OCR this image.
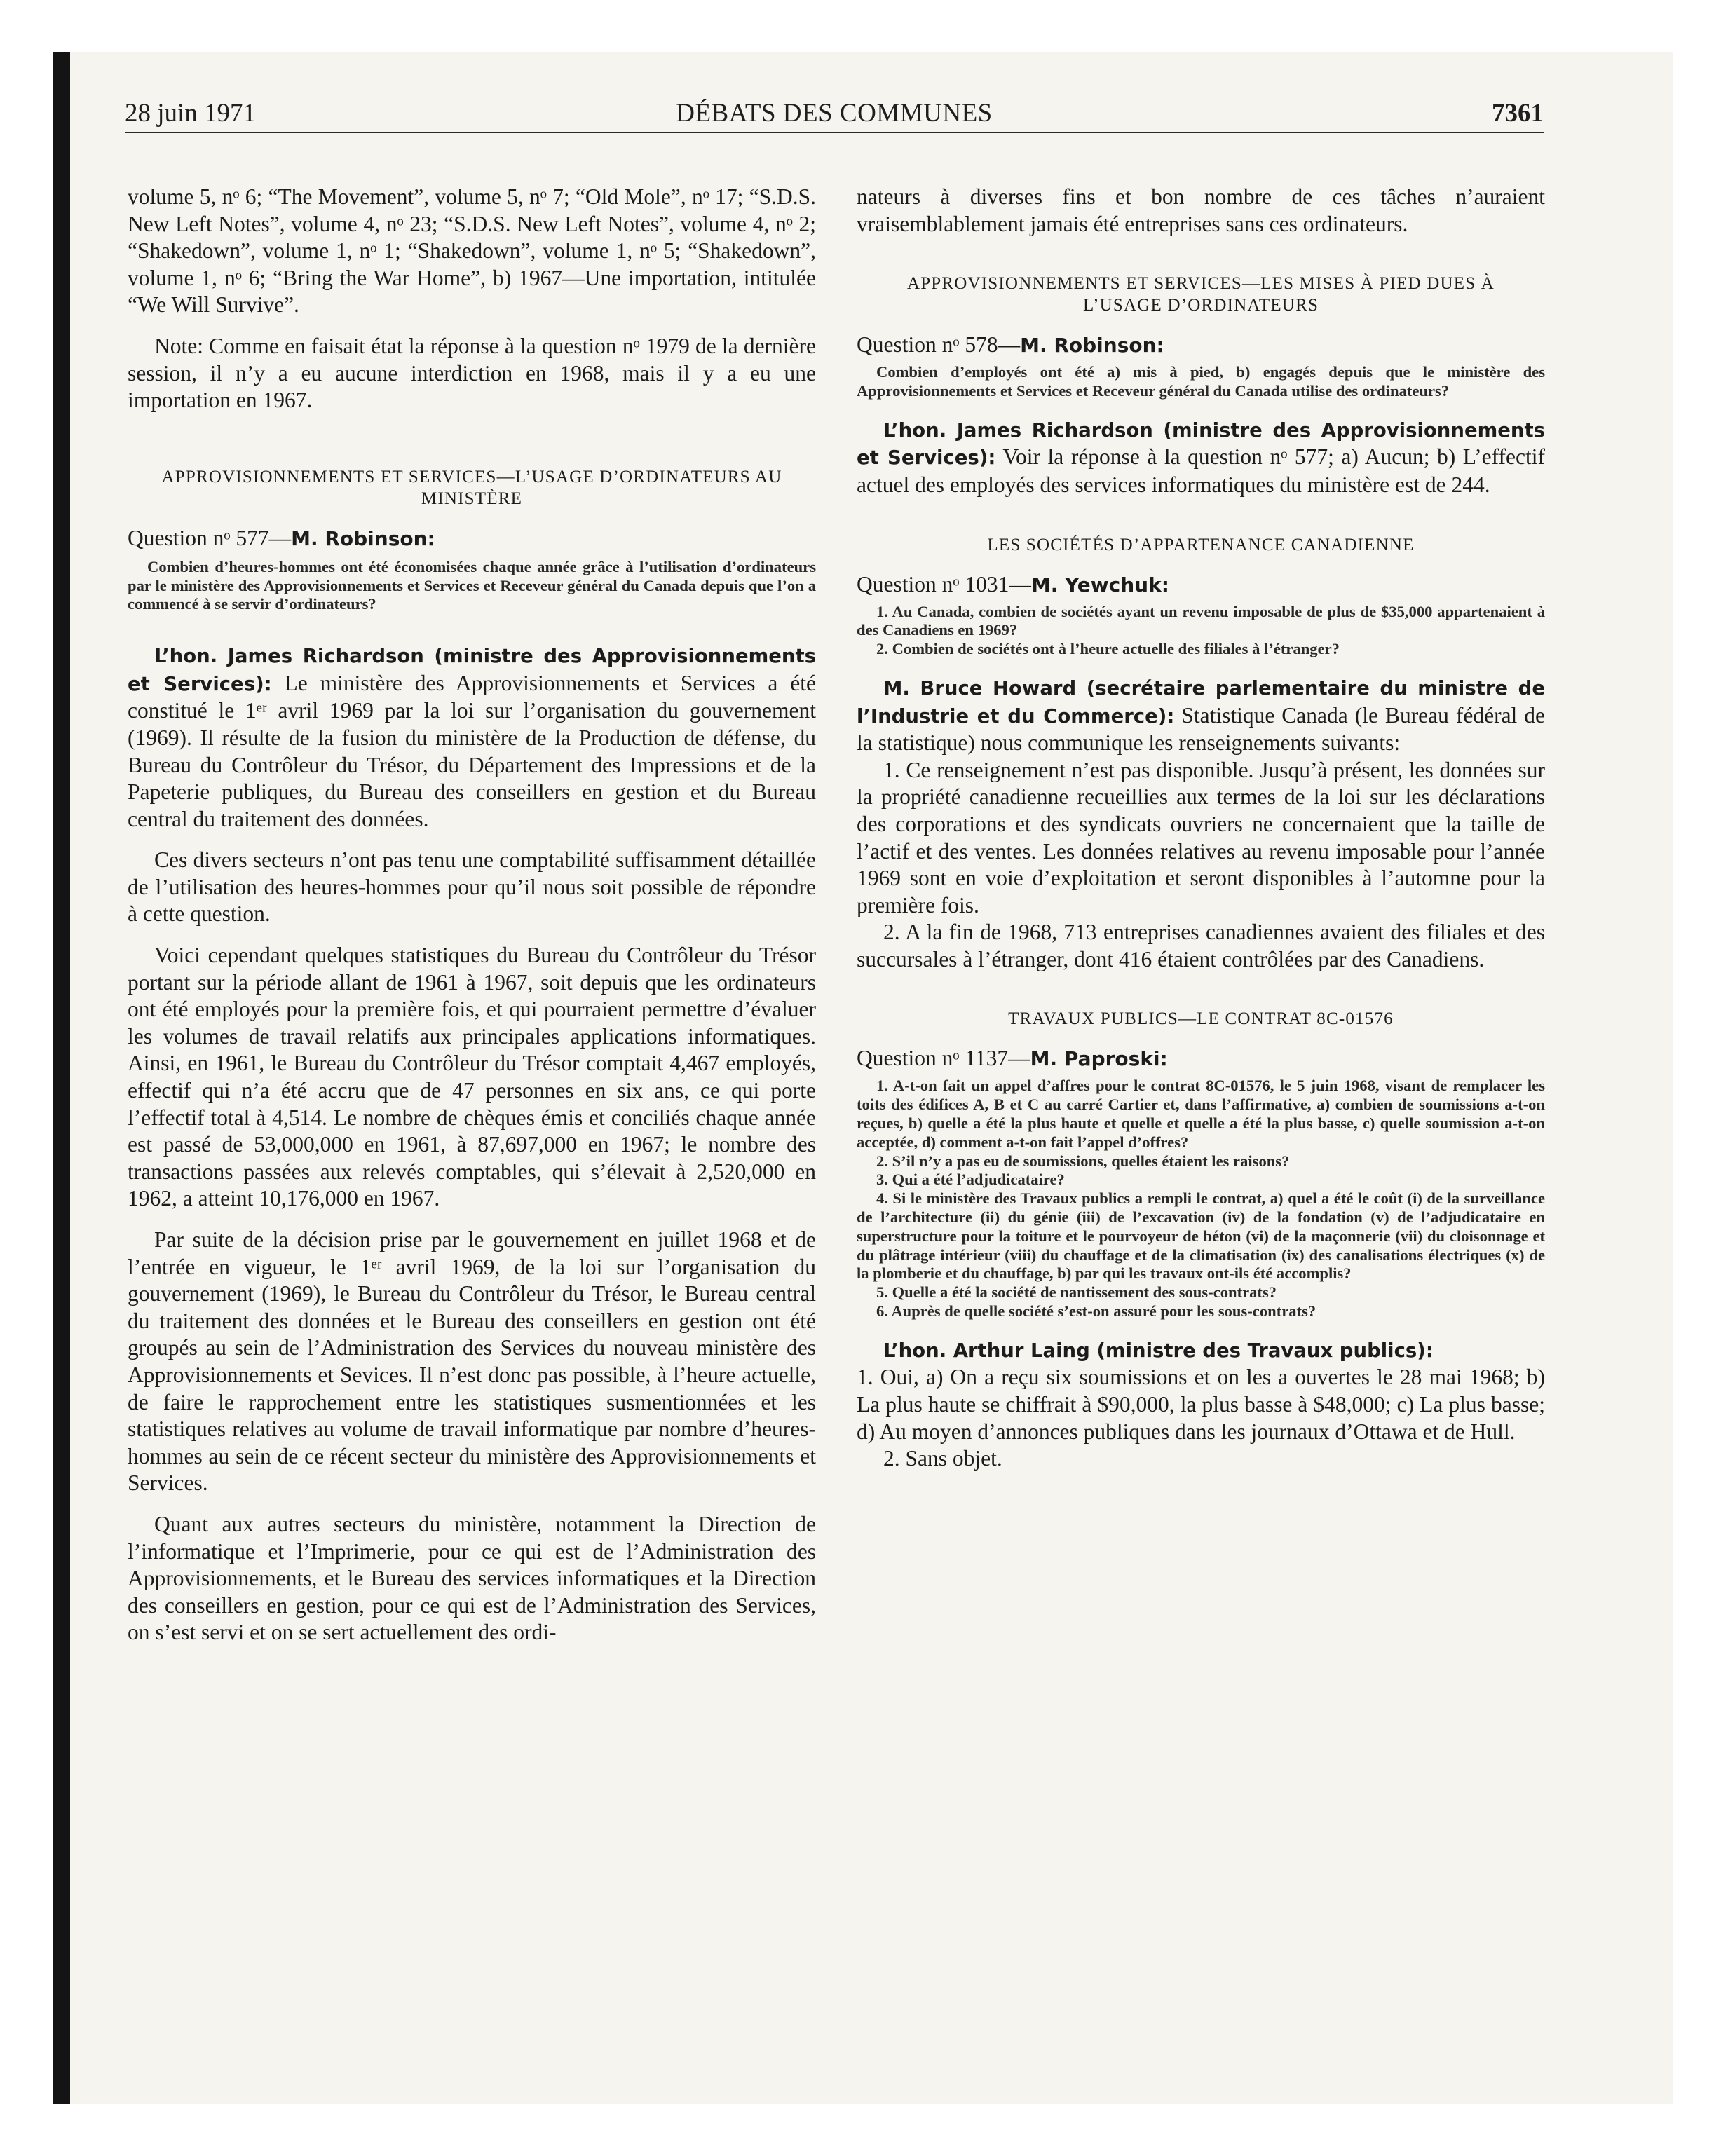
28 juin 1971	DÉBATS DES COMMUNES	7361

volume 5, nᵒ 6; “The Movement”, volume 5, nᵒ 7; “Old Mole”, nᵒ 17; “S.D.S. New Left Notes”, volume 4, nᵒ 23; “S.D.S. New Left Notes”, volume 4, nᵒ 2; “Shakedown”, volume 1, nᵒ 1; “Shakedown”, volume 1, nᵒ 5; “Shakedown”, volume 1, nᵒ 6; “Bring the War Home”, b) 1967—Une importation, intitulée “We Will Survive”.

Note: Comme en faisait état la réponse à la question nᵒ 1979 de la dernière session, il n’y a eu aucune interdiction en 1968, mais il y a eu une importation en 1967.

APPROVISIONNEMENTS ET SERVICES—L’USAGE D’ORDINATEURS AU MINISTÈRE

Question nᵒ 577—M. Robinson:

Combien d’heures-hommes ont été économisées chaque année grâce à l’utilisation d’ordinateurs par le ministère des Approvisionnements et Services et Receveur général du Canada depuis que l’on a commencé à se servir d’ordinateurs?

L’hon. James Richardson (ministre des Approvisionnements et Services): Le ministère des Approvisionnements et Services a été constitué le 1ᵉʳ avril 1969 par la loi sur l’organisation du gouvernement (1969). Il résulte de la fusion du ministère de la Production de défense, du Bureau du Contrôleur du Trésor, du Département des Impressions et de la Papeterie publiques, du Bureau des conseillers en gestion et du Bureau central du traitement des données.

Ces divers secteurs n’ont pas tenu une comptabilité suffisamment détaillée de l’utilisation des heures-hommes pour qu’il nous soit possible de répondre à cette question.

Voici cependant quelques statistiques du Bureau du Contrôleur du Trésor portant sur la période allant de 1961 à 1967, soit depuis que les ordinateurs ont été employés pour la première fois, et qui pourraient permettre d’évaluer les volumes de travail relatifs aux principales applications informatiques. Ainsi, en 1961, le Bureau du Contrôleur du Trésor comptait 4,467 employés, effectif qui n’a été accru que de 47 personnes en six ans, ce qui porte l’effectif total à 4,514. Le nombre de chèques émis et conciliés chaque année est passé de 53,000,000 en 1961, à 87,697,000 en 1967; le nombre des transactions passées aux relevés comptables, qui s’élevait à 2,520,000 en 1962, a atteint 10,176,000 en 1967.

Par suite de la décision prise par le gouvernement en juillet 1968 et de l’entrée en vigueur, le 1ᵉʳ avril 1969, de la loi sur l’organisation du gouvernement (1969), le Bureau du Contrôleur du Trésor, le Bureau central du traitement des données et le Bureau des conseillers en gestion ont été groupés au sein de l’Administration des Services du nouveau ministère des Approvisionnements et Sevices. Il n’est donc pas possible, à l’heure actuelle, de faire le rapprochement entre les statistiques susmentionnées et les statistiques relatives au volume de travail informatique par nombre d’heures-hommes au sein de ce récent secteur du ministère des Approvisionnements et Services.

Quant aux autres secteurs du ministère, notamment la Direction de l’informatique et l’Imprimerie, pour ce qui est de l’Administration des Approvisionnements, et le Bureau des services informatiques et la Direction des conseillers en gestion, pour ce qui est de l’Administration des Services, on s’est servi et on se sert actuellement des ordi-

nateurs à diverses fins et bon nombre de ces tâches n’auraient vraisemblablement jamais été entreprises sans ces ordinateurs.

APPROVISIONNEMENTS ET SERVICES—LES MISES À PIED DUES À L’USAGE D’ORDINATEURS

Question nᵒ 578—M. Robinson:

Combien d’employés ont été a) mis à pied, b) engagés depuis que le ministère des Approvisionnements et Services et Receveur général du Canada utilise des ordinateurs?

L’hon. James Richardson (ministre des Approvisionnements et Services): Voir la réponse à la question nᵒ 577; a) Aucun; b) L’effectif actuel des employés des services informatiques du ministère est de 244.

LES SOCIÉTÉS D’APPARTENANCE CANADIENNE

Question nᵒ 1031—M. Yewchuk:

1. Au Canada, combien de sociétés ayant un revenu imposable de plus de $35,000 appartenaient à des Canadiens en 1969?

2. Combien de sociétés ont à l’heure actuelle des filiales à l’étranger?

M. Bruce Howard (secrétaire parlementaire du ministre de l’Industrie et du Commerce): Statistique Canada (le Bureau fédéral de la statistique) nous communique les renseignements suivants:

1. Ce renseignement n’est pas disponible. Jusqu’à présent, les données sur la propriété canadienne recueillies aux termes de la loi sur les déclarations des corporations et des syndicats ouvriers ne concernaient que la taille de l’actif et des ventes. Les données relatives au revenu imposable pour l’année 1969 sont en voie d’exploitation et seront disponibles à l’automne pour la première fois.

2. A la fin de 1968, 713 entreprises canadiennes avaient des filiales et des succursales à l’étranger, dont 416 étaient contrôlées par des Canadiens.

TRAVAUX PUBLICS—LE CONTRAT 8C-01576

Question nᵒ 1137—M. Paproski:

1. A-t-on fait un appel d’affres pour le contrat 8C-01576, le 5 juin 1968, visant de remplacer les toits des édifices A, B et C au carré Cartier et, dans l’affirmative, a) combien de soumissions a-t-on reçues, b) quelle a été la plus haute et quelle et quelle a été la plus basse, c) quelle soumission a-t-on acceptée, d) comment a-t-on fait l’appel d’offres?

2. S’il n’y a pas eu de soumissions, quelles étaient les raisons?

3. Qui a été l’adjudicataire?

4. Si le ministère des Travaux publics a rempli le contrat, a) quel a été le coût (i) de la surveillance de l’architecture (ii) du génie (iii) de l’excavation (iv) de la fondation (v) de l’adjudicataire en superstructure pour la toiture et le pourvoyeur de béton (vi) de la maçonnerie (vii) du cloisonnage et du plâtrage intérieur (viii) du chauffage et de la climatisation (ix) des canalisations électriques (x) de la plomberie et du chauffage, b) par qui les travaux ont-ils été accomplis?

5. Quelle a été la société de nantissement des sous-contrats?

6. Auprès de quelle société s’est-on assuré pour les sous-contrats?

L’hon. Arthur Laing (ministre des Travaux publics):

1. Oui, a) On a reçu six soumissions et on les a ouvertes le 28 mai 1968; b) La plus haute se chiffrait à $90,000, la plus basse à $48,000; c) La plus basse; d) Au moyen d’annonces publiques dans les journaux d’Ottawa et de Hull.

2. Sans objet.
